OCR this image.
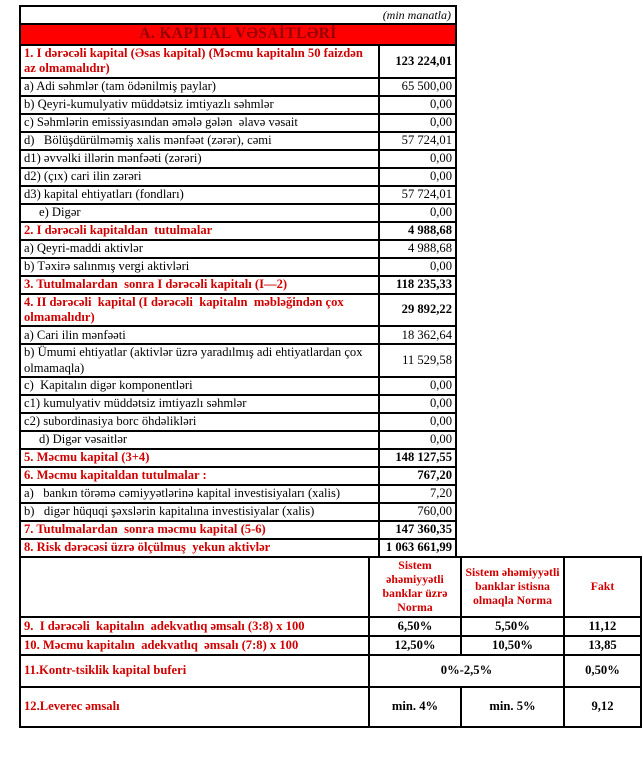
(min manatla)	
A. KAPİTAL VƏSAİTLƏRİ	
1. I dərəcəli kapital (Əsas kapital) (Məcmu kapitalın 50 faizdən  az olmamalıdır)	123 224,01
a) Adi səhmlər (tam ödənilmiş paylar)	65 500,00
b) Qeyri-kumulyativ müddətsiz imtiyazlı səhmlər	0,00
c) Səhmlərin emissiyasından əmələ gələn  əlavə vəsait	0,00
d)   Bölüşdürülməmiş xalis mənfəət (zərər), cəmi	57 724,01
d1) əvvəlki illərin mənfəəti (zərəri)	0,00
d2) (çıx) cari ilin zərəri	0,00
d3) kapital ehtiyatları (fondları)	57 724,01
e) Digər	0,00
2. I dərəcəli kapitaldan  tutulmalar	4 988,68
a) Qeyri-maddi aktivlər	4 988,68
b) Təxirə salınmış vergi aktivləri	0,00
3. Tutulmalardan  sonra I dərəcəli kapitalı (I—2)	118 235,33
4. II dərəcəli  kapital (I dərəcəli  kapitalın  məbləğindən çox olmamalıdır)	29 892,22
a) Cari ilin mənfəəti	18 362,64
b) Ümumi ehtiyatlar (aktivlər üzrə yaradılmış adi ehtiyatlardan çox olmamaqla)	11 529,58
c)  Kapitalın digər komponentləri	0,00
c1) kumulyativ müddətsiz imtiyazlı səhmlər	0,00
c2) subordinasiya borc öhdəlikləri	0,00
d) Digər vəsaitlər	0,00
5. Məcmu kapital (3+4)	148 127,55
6. Məcmu kapitaldan tutulmalar :	767,20
a)   bankın törəmə cəmiyyətlərinə kapital investisiyaları (xalis)	7,20
b)   digər hüquqi şəxslərin kapitalına investisiyalar (xalis)	760,00
7. Tutulmalardan  sonra məcmu kapital (5-6)	147 360,35
8. Risk dərəcəsi üzrə ölçülmuş  yekun aktivlər	1 063 661,99
	Sistem əhəmiyyətli banklar üzrə Norma	Sistem əhəmiyyətli banklar istisna olmaqla Norma	Fakt
9.  I dərəcəli  kapitalın  adekvatlıq əmsalı (3:8) x 100	6,50%	5,50%	11,12
10. Məcmu kapitalın  adekvatlıq  əmsalı (7:8) x 100	12,50%	10,50%	13,85
11.Kontr-tsiklik kapital buferi	0%-2,5%		0,50%
12.Leverec əmsalı	min. 4%	min. 5%	9,12
